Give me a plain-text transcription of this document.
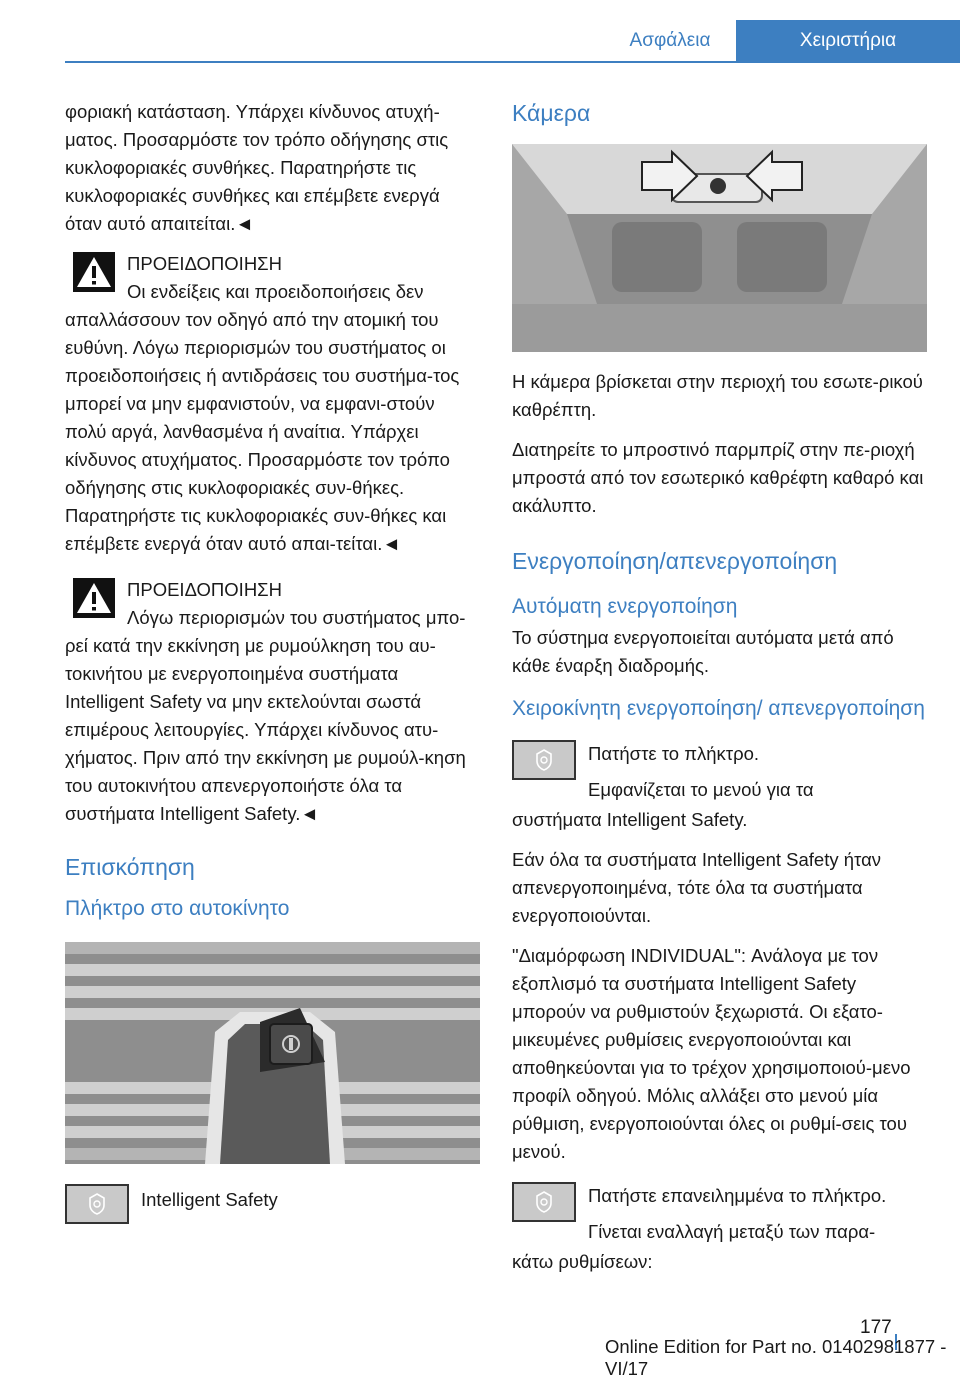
Ασφάλεια	Χειριστήρια

φοριακή κατάσταση. Υπάρχει κίνδυνος ατυχή-ματος. Προσαρμόστε τον τρόπο οδήγησης στις κυκλοφοριακές συνθήκες. Παρατηρήστε τις κυκλοφοριακές συνθήκες και επέμβετε ενεργά όταν αυτό απαιτείται.◄

ΠΡΟΕΙΔΟΠΟΙΗΣΗ

Οι ενδείξεις και προειδοποιήσεις δεν

απαλλάσσουν τον οδηγό από την ατομική του ευθύνη. Λόγω περιορισμών του συστήματος οι προειδοποιήσεις ή αντιδράσεις του συστήμα-τος μπορεί να μην εμφανιστούν, να εμφανι-στούν πολύ αργά, λανθασμένα ή αναίτια. Υπάρχει κίνδυνος ατυχήματος. Προσαρμόστε τον τρόπο οδήγησης στις κυκλοφοριακές συν-θήκες. Παρατηρήστε τις κυκλοφοριακές συν-θήκες και επέμβετε ενεργά όταν αυτό απαι-τείται.◄

ΠΡΟΕΙΔΟΠΟΙΗΣΗ

Λόγω περιορισμών του συστήματος μπο-

ρεί κατά την εκκίνηση με ρυμούλκηση του αυ-τοκινήτου με ενεργοποιημένα συστήματα Intelligent Safety να μην εκτελούνται σωστά επιμέρους λειτουργίες. Υπάρχει κίνδυνος ατυ-χήματος. Πριν από την εκκίνηση με ρυμούλ-κηση του αυτοκινήτου απενεργοποιήστε όλα τα συστήματα Intelligent Safety.◄

Επισκόπηση
Πλήκτρο στο αυτοκίνητο

Intelligent Safety

Κάμερα

Η κάμερα βρίσκεται στην περιοχή του εσωτε-ρικού καθρέπτη.

Διατηρείτε το μπροστινό παρμπρίζ στην πε-ριοχή μπροστά από τον εσωτερικό καθρέφτη καθαρό και ακάλυπτο.

Ενεργοποίηση/απενεργοποίηση
Αυτόματη ενεργοποίηση

Το σύστημα ενεργοποιείται αυτόματα μετά από κάθε έναρξη διαδρομής.

Χειροκίνητη ενεργοποίηση/ απενεργοποίηση

Πατήστε το πλήκτρο.

Εμφανίζεται το μενού για τα

συστήματα Intelligent Safety.

Εάν όλα τα συστήματα Intelligent Safety ήταν απενεργοποιημένα, τότε όλα τα συστήματα ενεργοποιούνται.

"Διαμόρφωση INDIVIDUAL": Ανάλογα με τον εξοπλισμό τα συστήματα Intelligent Safety μπορούν να ρυθμιστούν ξεχωριστά. Οι εξατο-μικευμένες ρυθμίσεις ενεργοποιούνται και αποθηκεύονται για το τρέχον χρησιμοποιού-μενο προφίλ οδηγού. Μόλις αλλάξει στο μενού μία ρύθμιση, ενεργοποιούνται όλες οι ρυθμί-σεις του μενού.

Πατήστε επανειλημμένα το πλήκτρο.

Γίνεται εναλλαγή μεταξύ των παρα-

κάτω ρυθμίσεων:

177
Online Edition for Part no. 01402981877 - VI/17
